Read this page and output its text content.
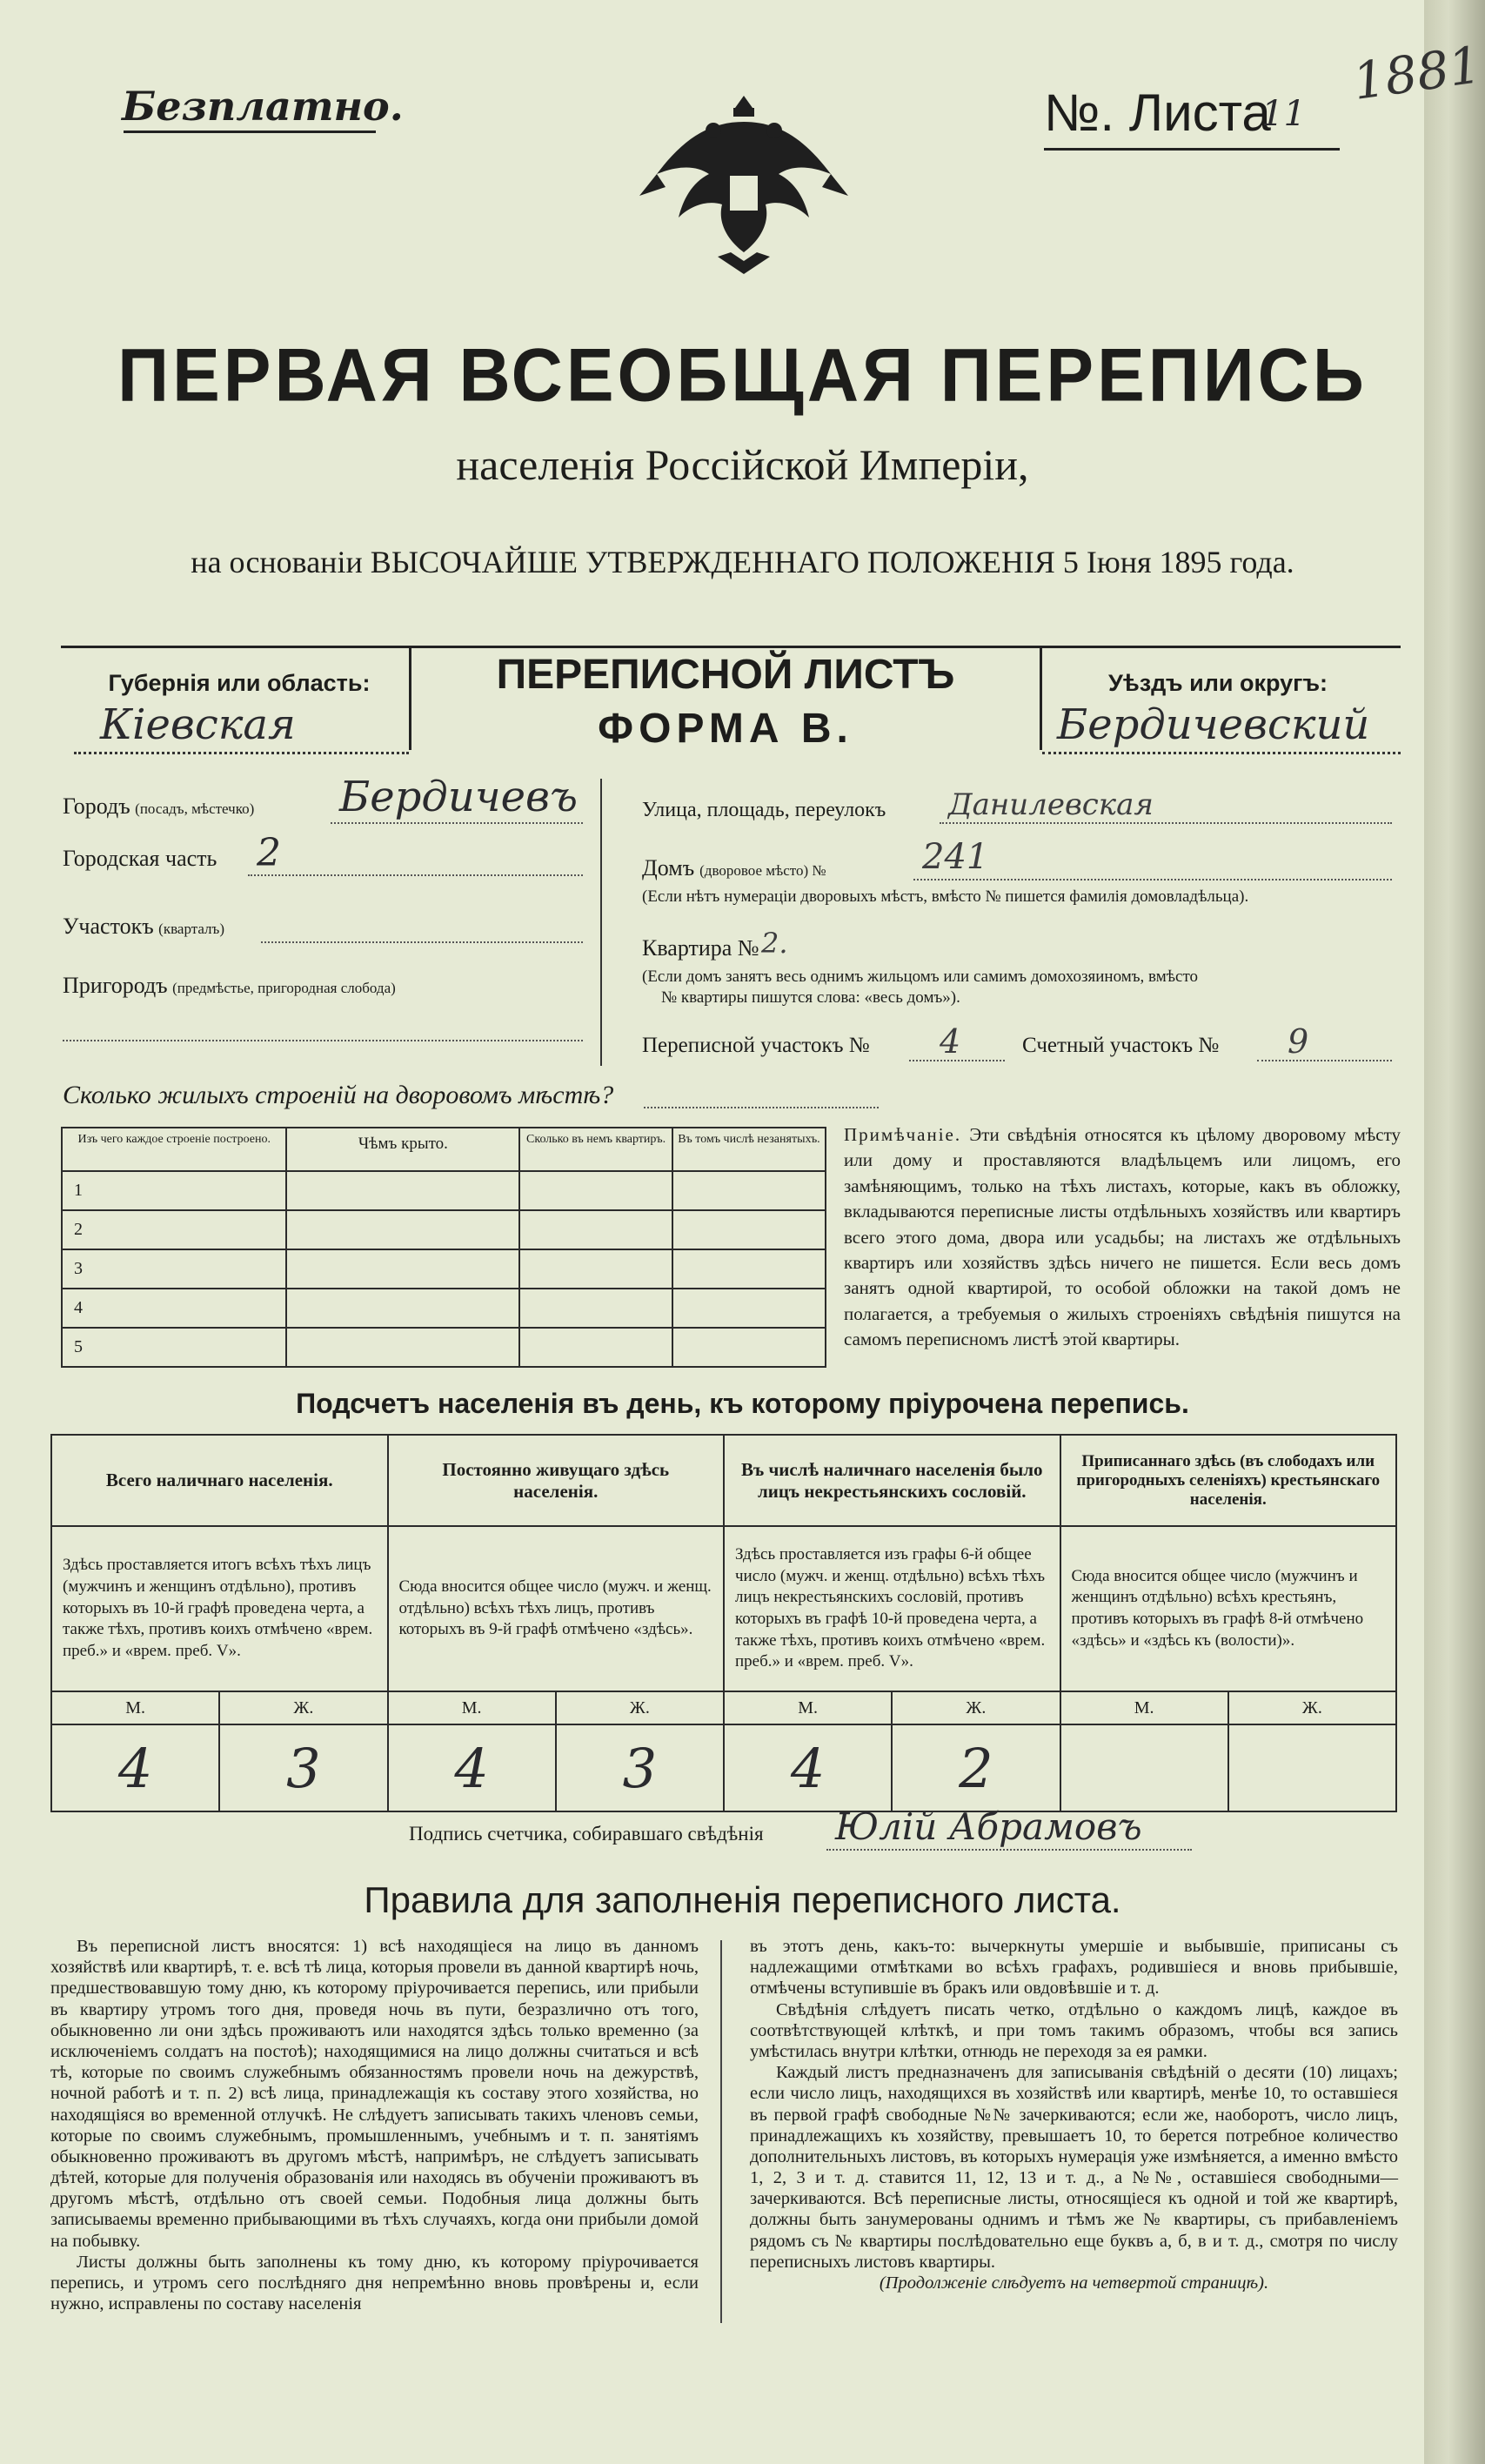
Безплатно.	№. Листа
11
1881
ПЕРВАЯ ВСЕОБЩАЯ ПЕРЕПИСЬ
населенія Россійской Имперіи,
на основаніи ВЫСОЧАЙШЕ УТВЕРЖДЕННАГО ПОЛОЖЕНІЯ 5 Іюня 1895 года.
Губернія или область:
Кiевская
ПЕРЕПИСНОЙ ЛИСТЪ
ФОРМА В.
Уѣздъ или округъ:
Бердичевский
Городъ (посадъ, мѣстечко) Бердичевъ
Городская часть 2
Участокъ (кварталъ)
Пригородъ (предмѣстье, пригородная слобода)
Улица, площадь, переулокъ Данилевская
Домъ (дворовое мѣсто) №	241
(Если нѣтъ нумераціи дворовыхъ мѣстъ, вмѣсто № пишется фамилія домовладѣльца).
Квартира № 2.
(Если домъ занятъ весь однимъ жильцомъ или самимъ домохозяиномъ, вмѣсто
№ квартиры пишутся слова: «весь домъ»).
Переписной участокъ № 4	Счетный участокъ № 9
Сколько жилыхъ строеній на дворовомъ мѣстѣ?
Изъ чего каждое строеніе построено.	Чѣмъ крыто.	Сколько въ немъ квартиръ.	Въ томъ числѣ незанятыхъ.

1			
2			
3			
4			
5			
Примѣчаніе. Эти свѣдѣнія относятся къ цѣлому дворовому мѣсту или дому и проставляются владѣльцемъ или лицомъ, его замѣняющимъ, только на тѣхъ листахъ, которые, какъ въ обложку, вкладываются переписные листы отдѣльныхъ хозяйствъ или квартиръ всего этого дома, двора или усадьбы; на листахъ же отдѣльныхъ квартиръ или хозяйствъ здѣсь ничего не пишется. Если весь домъ занятъ одной квартирой, то особой обложки на такой домъ не полагается, а требуемыя о жилыхъ строеніяхъ свѣдѣнія пишутся на самомъ переписномъ листѣ этой квартиры.
Подсчетъ населенія въ день, къ которому пріурочена перепись.
Всего наличнаго населенія.		Постоянно живущаго здѣсь населенія.		Въ числѣ наличнаго населенія было лицъ некрестьянскихъ сословій.		Приписаннаго здѣсь (въ слободахъ или пригородныхъ селеніяхъ) крестьянскаго населенія.	
Здѣсь проставляется итогъ всѣхъ тѣхъ лицъ (мужчинъ и женщинъ отдѣльно), противъ которыхъ въ 10-й графѣ проведена черта, а также тѣхъ, противъ коихъ отмѣчено «врем. преб.» и «врем. преб. V».		Сюда вносится общее число (мужч. и женщ. отдѣльно) всѣхъ тѣхъ лицъ, противъ которыхъ въ 9-й графѣ отмѣчено «здѣсь».		Здѣсь проставляется изъ графы 6-й общее число (мужч. и женщ. отдѣльно) всѣхъ тѣхъ лицъ некрестьянскихъ сословій, противъ которыхъ въ графѣ 10-й проведена черта, а также тѣхъ, противъ коихъ отмѣчено «врем. преб.» и «врем. преб. V».		Сюда вносится общее число (мужчинъ и женщинъ отдѣльно) всѣхъ крестьянъ, противъ которыхъ въ графѣ 8-й отмѣчено «здѣсь» и «здѣсь къ (волости)».	
М.	Ж.	М.	Ж.	М.	Ж.	М.	Ж.
4	3	4	3	4	2		
Подпись счетчика, собиравшаго свѣдѣнія Юлій Абрамовъ
Правила для заполненія переписного листа.

Въ переписной листъ вносятся: 1) всѣ находящіеся на лицо въ данномъ хозяйствѣ или квартирѣ, т. е. всѣ тѣ лица, которыя провели въ данной квартирѣ ночь, предшествовавшую тому дню, къ которому пріурочивается перепись, или прибыли въ квартиру утромъ того дня, проведя ночь въ пути, безразлично отъ того, обыкновенно ли они здѣсь проживаютъ или находятся здѣсь только временно (за исключеніемъ солдатъ на постоѣ); находящимися на лицо должны считаться и всѣ тѣ, которые по своимъ служебнымъ обязанностямъ провели ночь на дежурствѣ, ночной работѣ и т. п. 2) всѣ лица, принадлежащія къ составу этого хозяйства, но находящіяся во временной отлучкѣ. Не слѣдуетъ записывать такихъ членовъ семьи, которые по своимъ служебнымъ, промышленнымъ, учебнымъ и т. п. занятіямъ обыкновенно проживаютъ въ другомъ мѣстѣ, напримѣръ, не слѣдуетъ записывать дѣтей, которые для полученія образованія или находясь въ обученіи проживаютъ въ другомъ мѣстѣ, отдѣльно отъ своей семьи. Подобныя лица должны быть записываемы временно прибывающими въ тѣхъ случаяхъ, когда они прибыли домой на побывку.

Листы должны быть заполнены къ тому дню, къ которому пріурочивается перепись, и утромъ сего послѣдняго дня непремѣнно вновь провѣрены и, если нужно, исправлены по составу населенія

въ этотъ день, какъ-то: вычеркнуты умершіе и выбывшіе, приписаны съ надлежащими отмѣтками во всѣхъ графахъ, родившіеся и вновь прибывшіе, отмѣчены вступившіе въ бракъ или овдовѣвшіе и т. д.

Свѣдѣнія слѣдуетъ писать четко, отдѣльно о каждомъ лицѣ, каждое въ соотвѣтствующей клѣткѣ, и при томъ такимъ образомъ, чтобы вся запись умѣстилась внутри клѣтки, отнюдь не переходя за ея рамки.

Каждый листъ предназначенъ для записыванія свѣдѣній о десяти (10) лицахъ; если число лицъ, находящихся въ хозяйствѣ или квартирѣ, менѣе 10, то оставшіеся въ первой графѣ свободные №№ зачеркиваются; если же, наоборотъ, число лицъ, принадлежащихъ къ хозяйству, превышаетъ 10, то берется потребное количество дополнительныхъ листовъ, въ которыхъ нумерація уже измѣняется, а именно вмѣсто 1, 2, 3 и т. д. ставится 11, 12, 13 и т. д., а №№, оставшіеся свободными—зачеркиваются. Всѣ переписные листы, относящіеся къ одной и той же квартирѣ, должны быть занумерованы однимъ и тѣмъ же № квартиры, съ прибавленіемъ рядомъ съ № квартиры послѣдовательно еще буквъ а, б, в и т. д., смотря по числу переписныхъ листовъ квартиры.

(Продолженіе слѣдуетъ на четвертой страницѣ).
